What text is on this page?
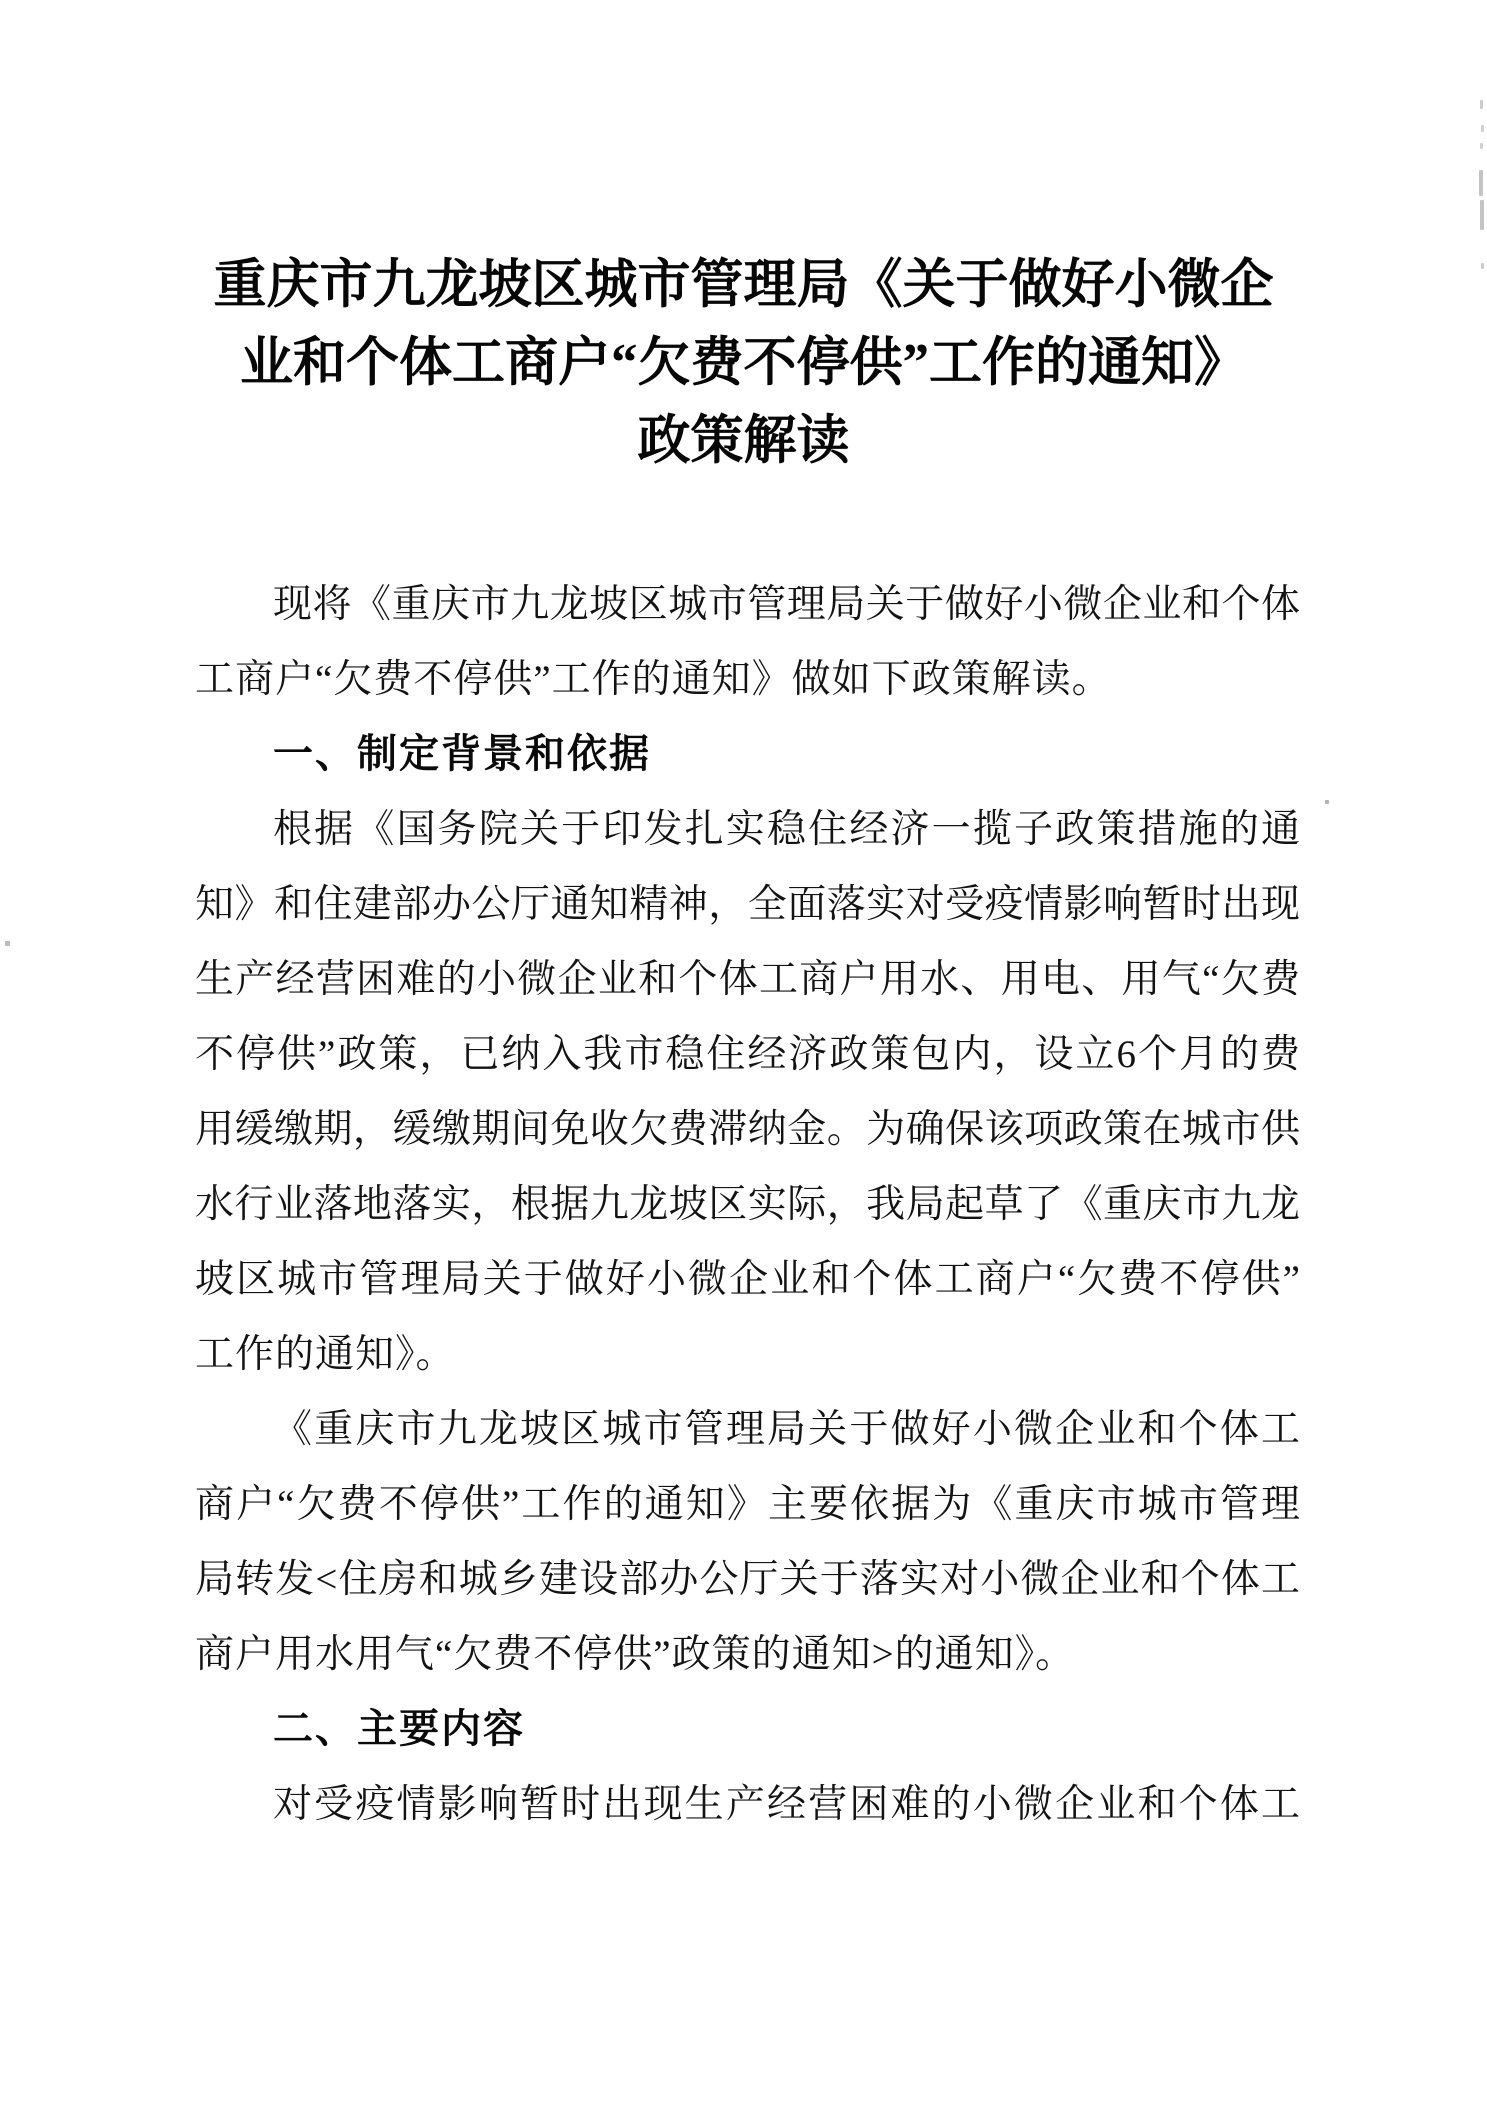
重庆市九龙坡区城市管理局《关于做好小微企
业和个体工商户“欠费不停供”工作的通知》
政策解读
现将《重庆市九龙坡区城市管理局关于做好小微企业和个体
工商户“欠费不停供”工作的通知》做如下政策解读。
一、制定背景和依据
根据《国务院关于印发扎实稳住经济一揽子政策措施的通
知》和住建部办公厅通知精神，全面落实对受疫情影响暂时出现
生产经营困难的小微企业和个体工商户用水、用电、用气“欠费
不停供”政策，已纳入我市稳住经济政策包内，设立6个月的费
用缓缴期，缓缴期间免收欠费滞纳金。为确保该项政策在城市供
水行业落地落实，根据九龙坡区实际，我局起草了《重庆市九龙
坡区城市管理局关于做好小微企业和个体工商户“欠费不停供”
工作的通知》。
《重庆市九龙坡区城市管理局关于做好小微企业和个体工
商户“欠费不停供”工作的通知》主要依据为《重庆市城市管理
局转发<住房和城乡建设部办公厅关于落实对小微企业和个体工
商户用水用气“欠费不停供”政策的通知>的通知》。
二、主要内容
对受疫情影响暂时出现生产经营困难的小微企业和个体工
